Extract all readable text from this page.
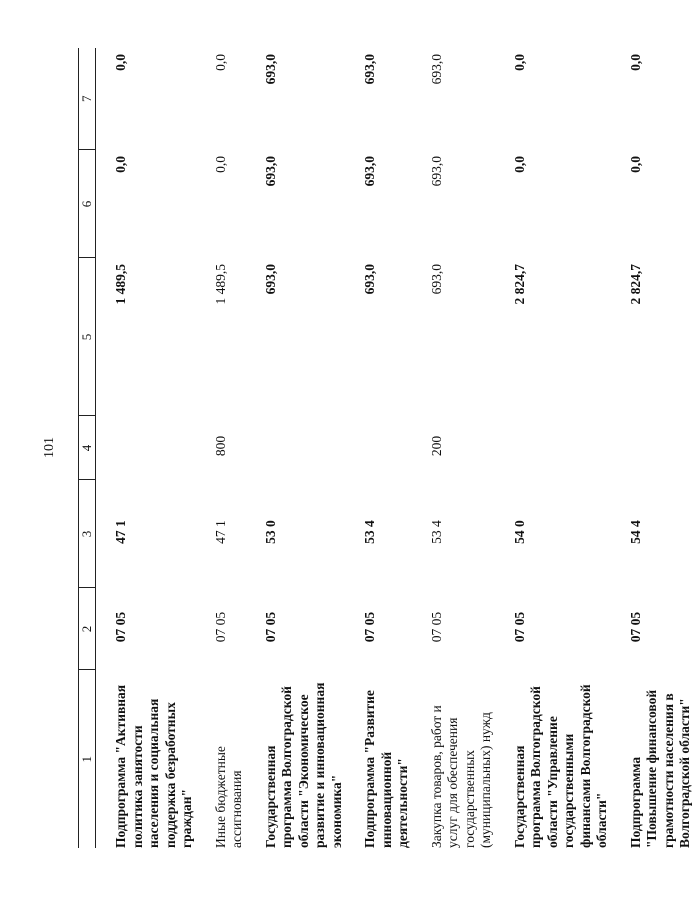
101
1	2	3	4	5	6	7
Подпрограмма "Активная политика занятости населения и социальная поддержка безработных граждан"	07 05	47 1		1 489,5	0,0	0,0
Иные бюджетные ассигнования	07 05	47 1	800	1 489,5	0,0	0,0
Государственная программа Волгоградской области "Экономическое развитие и инновационная экономика"	07 05	53 0		693,0	693,0	693,0
Подпрограмма "Развитие инновационной деятельности"	07 05	53 4		693,0	693,0	693,0
Закупка товаров, работ и услуг для обеспечения государственных (муниципальных) нужд	07 05	53 4	200	693,0	693,0	693,0
Государственная программа Волгоградской области "Управление государственными финансами Волгоградской области"	07 05	54 0		2 824,7	0,0	0,0
Подпрограмма "Повышение финансовой грамотности населения в Волгоградской области"	07 05	54 4		2 824,7	0,0	0,0
